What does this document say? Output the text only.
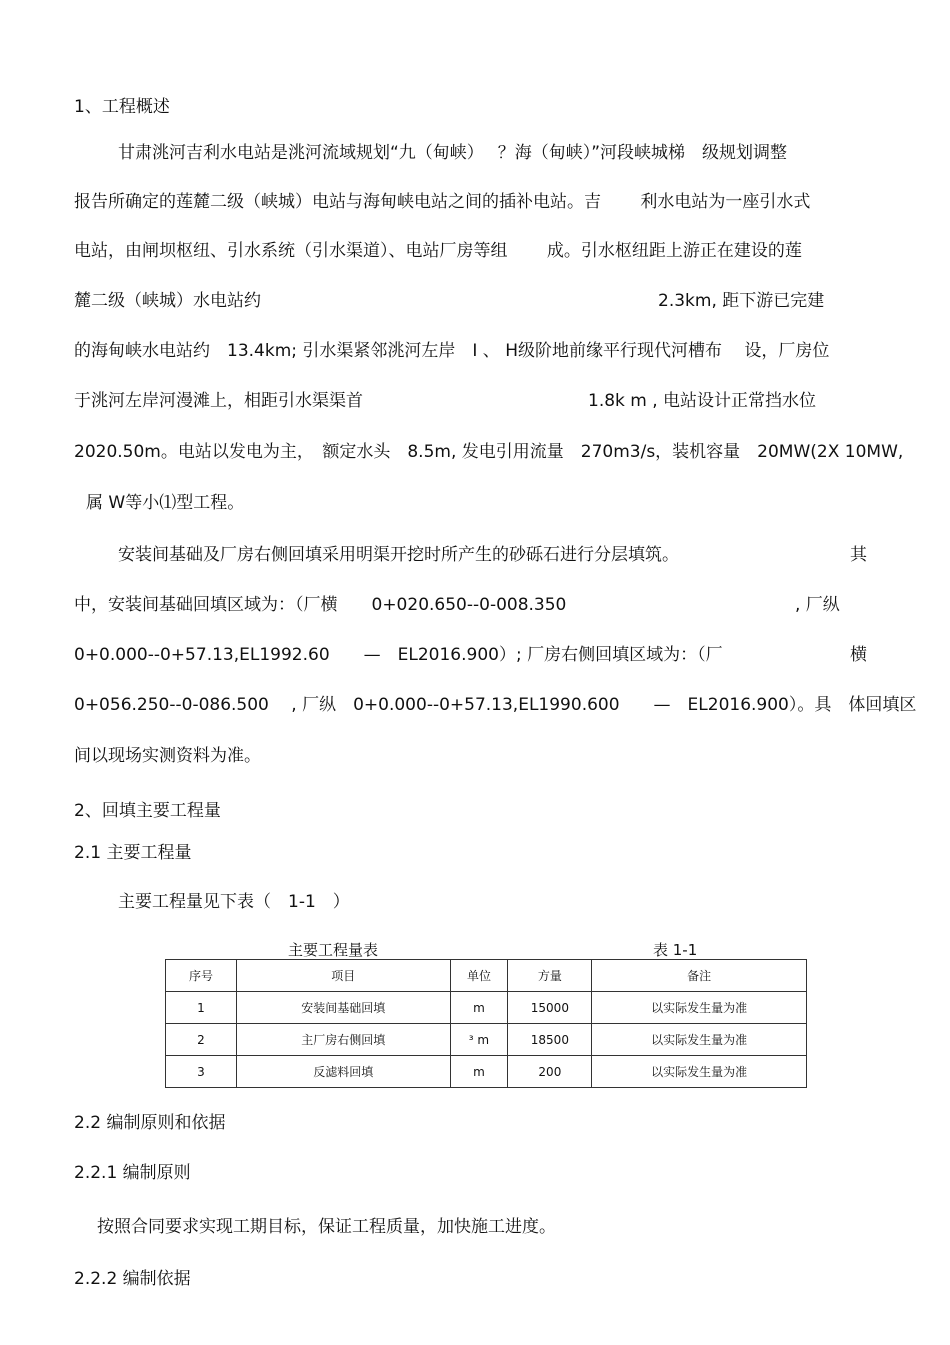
1、工程概述
甘肃洮河吉利水电站是洮河流域规划“九（甸峡）　 ？海（甸峡）”河段峡城梯　级规划调整
报告所确定的莲麓二级（峡城）电站与海甸峡电站之间的插补电站。吉　　 利水电站为一座引水式
电站，由闸坝枢纽、引水系统（引水渠道）、电站厂房等组　　 成。引水枢纽距上游正在建设的莲
麓二级（峡城）水电站约	2.3km, 距下游已完建
的海甸峡水电站约　13.4km; 引水渠紧邻洮河左岸　I 、 H级阶地前缘平行现代河槽布　 设，厂房位
于洮河左岸河漫滩上，相距引水渠渠首	1.8k m , 电站设计正常挡水位
2020.50m。电站以发电为主，　额定水头　8.5m, 发电引用流量　270m3/s，装机容量　20MW(2X 10MW,
属 W等小⑴型工程。
安装间基础及厂房右侧回填采用明渠开挖时所产生的砂砾石进行分层填筑。	其
中，安装间基础回填区域为：（厂横　　0+020.650--0-008.350	, 厂纵
0+0.000--0+57.13,EL1992.60　　—　EL2016.900）; 厂房右侧回填区域为：（厂	横
0+056.250--0-086.500　 , 厂纵　0+0.000--0+57.13,EL1990.600　　—　EL2016.900）。具　体回填区
间以现场实测资料为准。
2、回填主要工程量
2.1 主要工程量
主要工程量见下表（　1-1　）
2.2 编制原则和依据
2.2.1 编制原则
按照合同要求实现工期目标，保证工程质量，加快施工进度。
2.2.2 编制依据
主要工程量表	表 1-1
序号	项目	单位	方量	备注
1	安装间基础回填	m	15000	以实际发生量为准
2	主厂房右侧回填	³ m	18500	以实际发生量为准
3	反滤料回填	m	200	以实际发生量为准
